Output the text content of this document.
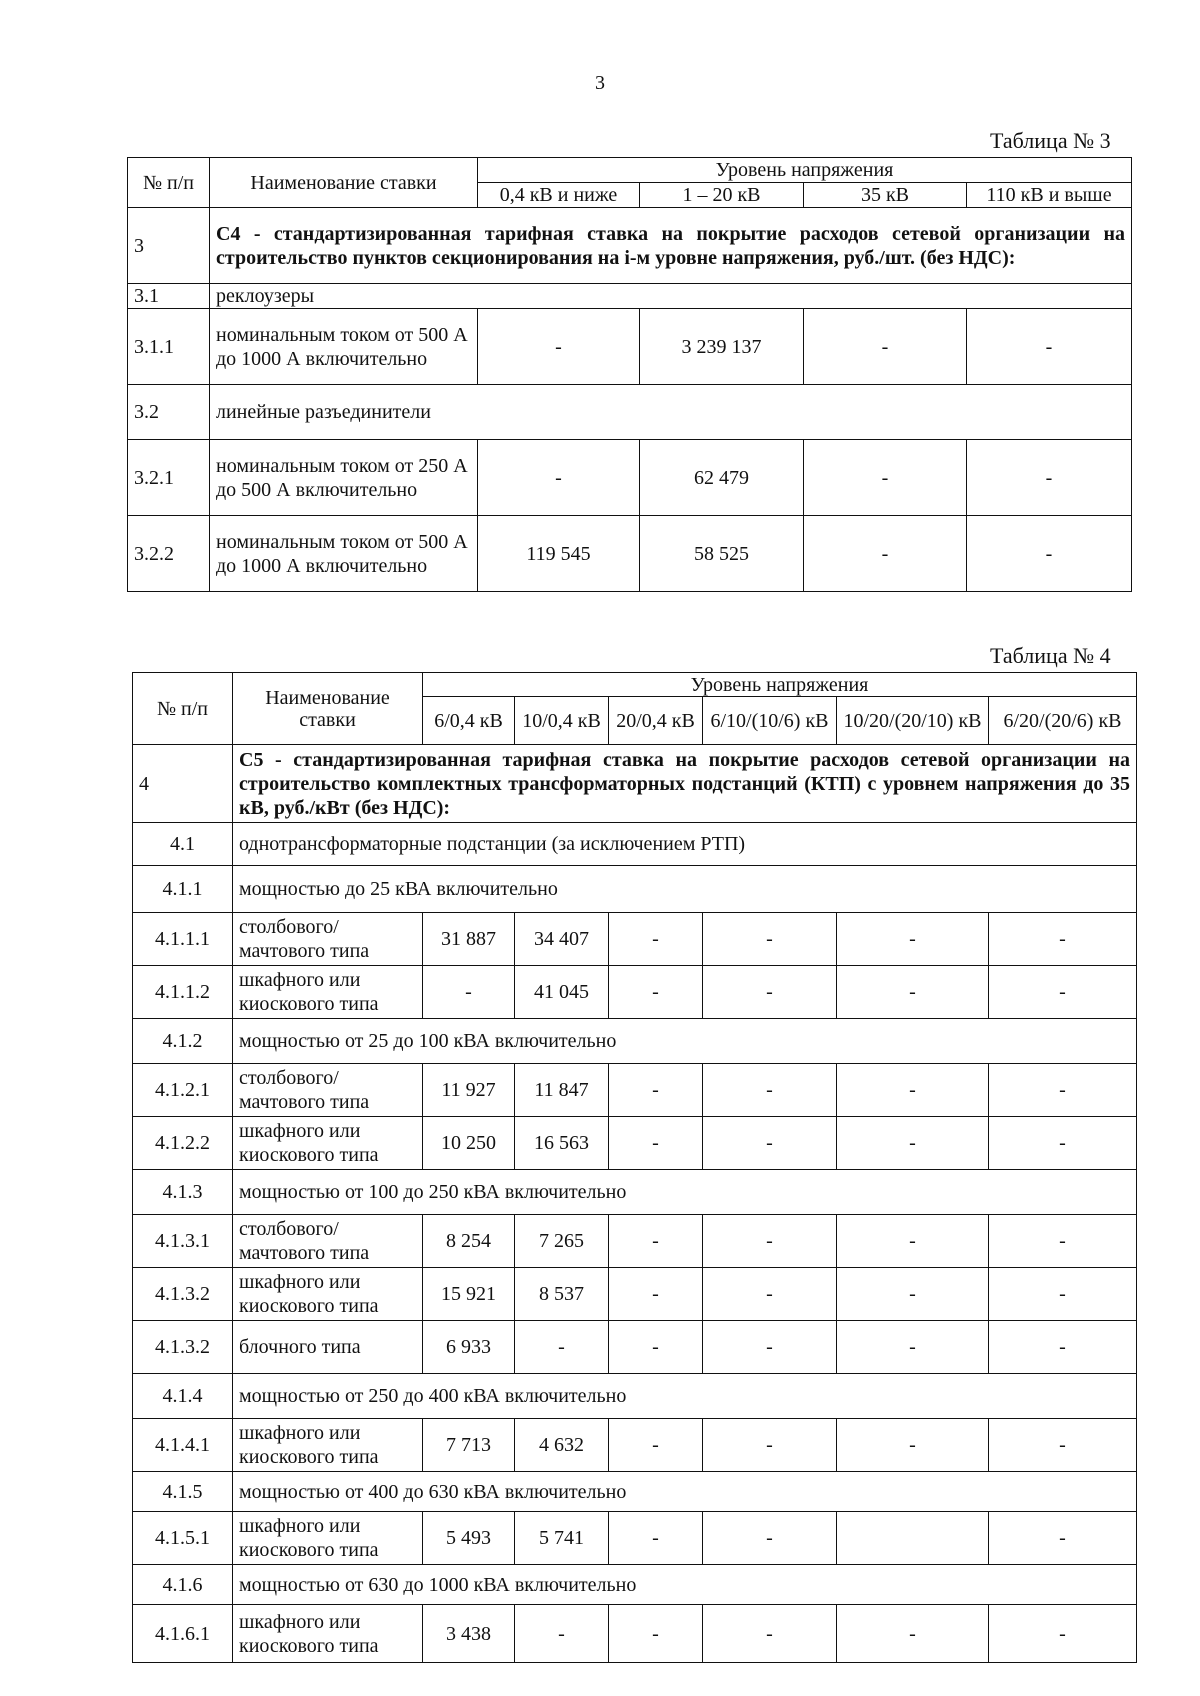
3
Таблица № 3
№ п/п	Наименование ставки	Уровень напряжения			
		0,4 кВ и ниже	1 – 20 кВ	35 кВ	110 кВ и выше
3	С4 - стандартизированная тарифная ставка на покрытие расходов сетевой организации на строительство пунктов секционирования на i-м уровне напряжения, руб./шт. (без НДС):				
3.1	реклоузеры				
3.1.1	номинальным током от 500 А до 1000 А включительно	-	3 239 137	-	-
3.2	линейные разъединители				
3.2.1	номинальным током от 250 А до 500 А включительно	-	62 479	-	-
3.2.2	номинальным током от 500 А до 1000 А включительно	119 545	58 525	-	-
Таблица № 4
№ п/п	Наименование ставки	Уровень напряжения					
		6/0,4 кВ	10/0,4 кВ	20/0,4 кВ	6/10/(10/6) кВ	10/20/(20/10) кВ	6/20/(20/6) кВ
4	С5 - стандартизированная тарифная ставка на покрытие расходов сетевой организации на строительство комплектных трансформаторных подстанций (КТП) с уровнем напряжения до 35 кВ, руб./кВт (без НДС):						
4.1	однотрансформаторные подстанции (за исключением РТП)						
4.1.1	мощностью до 25 кВА включительно						
4.1.1.1	столбового/ мачтового типа	31 887	34 407	-	-	-	-
4.1.1.2	шкафного или киоскового типа	-	41 045	-	-	-	-
4.1.2	мощностью от 25 до 100 кВА включительно						
4.1.2.1	столбового/ мачтового типа	11 927	11 847	-	-	-	-
4.1.2.2	шкафного или киоскового типа	10 250	16 563	-	-	-	-
4.1.3	мощностью от 100 до 250 кВА включительно						
4.1.3.1	столбового/ мачтового типа	8 254	7 265	-	-	-	-
4.1.3.2	шкафного или киоскового типа	15 921	8 537	-	-	-	-
4.1.3.2	блочного типа	6 933	-	-	-	-	-
4.1.4	мощностью от 250 до 400 кВА включительно						
4.1.4.1	шкафного или киоскового типа	7 713	4 632	-	-	-	-
4.1.5	мощностью от 400 до 630 кВА включительно						
4.1.5.1	шкафного или киоскового типа	5 493	5 741	-	-		-
4.1.6	мощностью от 630 до 1000 кВА включительно						
4.1.6.1	шкафного или киоскового типа	3 438	-	-	-	-	-
